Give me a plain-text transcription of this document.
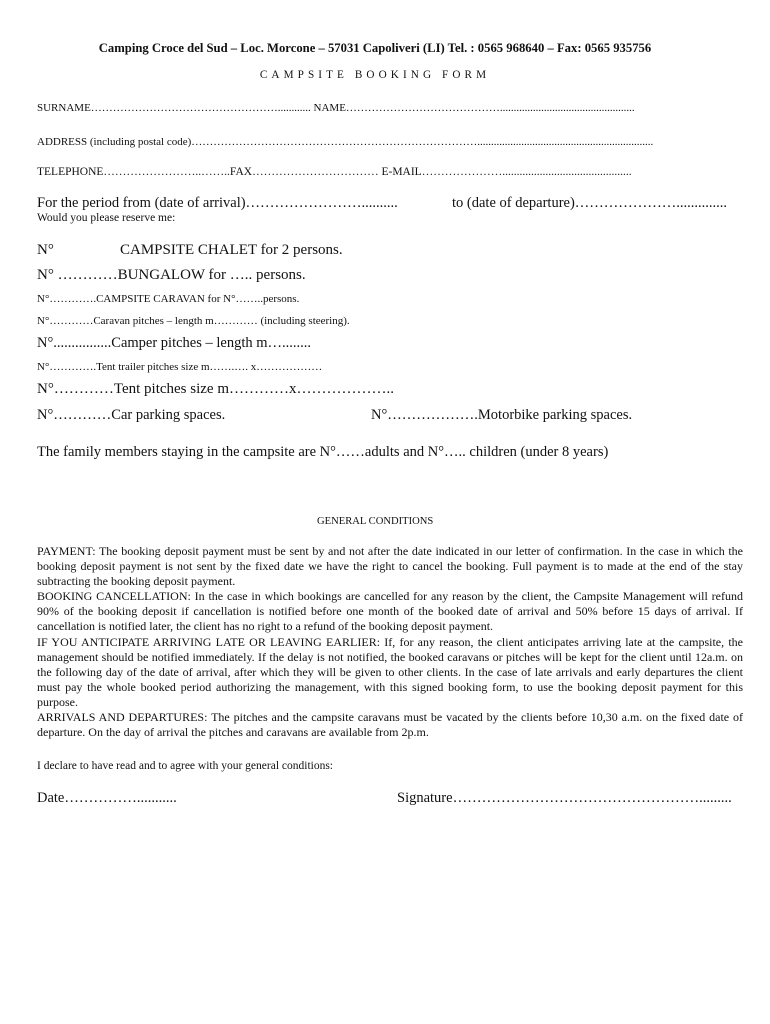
Camping Croce del Sud – Loc. Morcone – 57031 Capoliveri (LI) Tel. : 0565 968640 – Fax: 0565 935756
CAMPSITE BOOKING FORM
SURNAME……………………………………………............ NAME…………………………………….................................................
ADDRESS (including postal code)……………………………………………………………………................................................................
TELEPHONE……………………..……..FAX…………………………… E-MAIL………………….............................................
For the period from (date of arrival)……………………..........	to (date of departure)…………………..............
Would you please reserve me:
N°	CAMPSITE CHALET for 2 persons.
N° …………BUNGALOW for ….. persons.
N°………….CAMPSITE CARAVAN for N°……..persons.
N°…………Caravan pitches – length m………… (including steering).
N°................Camper pitches – length m…........
N°………….Tent trailer pitches size m…….…. x………………
N°…………Tent pitches size m…………x………………..
N°…………Car parking spaces.	N°……………….Motorbike parking spaces.
The family members staying in the campsite are N°……adults and N°….. children (under 8 years)
GENERAL CONDITIONS

PAYMENT: The booking deposit payment must be sent by and not after the date indicated in our letter of confirmation. In the case in which the booking deposit payment is not sent by the fixed date we have the right to cancel the booking. Full payment is to made at the end of the stay subtracting the booking deposit payment.

BOOKING CANCELLATION: In the case in which bookings are cancelled for any reason by the client, the Campsite Management will refund 90% of the booking deposit if cancellation is notified before one month of the booked date of arrival and 50% before 15 days of arrival. If cancellation is notified later, the client has no right to a refund of the booking deposit payment.

IF YOU ANTICIPATE ARRIVING LATE OR LEAVING EARLIER: If, for any reason, the client anticipates arriving late at the campsite, the management should be notified immediately. If the delay is not notified, the booked caravans or pitches will be kept for the client until 12a.m. on the following day of the date of arrival, after which they will be given to other clients. In the case of late arrivals and early departures the client must pay the whole booked period authorizing the management, with this signed booking form, to use the booking deposit payment for this purpose.

ARRIVALS AND DEPARTURES: The pitches and the campsite caravans must be vacated by the clients before 10,30 a.m. on the fixed date of departure. On the day of arrival the pitches and caravans are available from 2p.m.

I declare to have read and to agree with your general conditions:
Date……………...........	Signature…………………………………………….........
